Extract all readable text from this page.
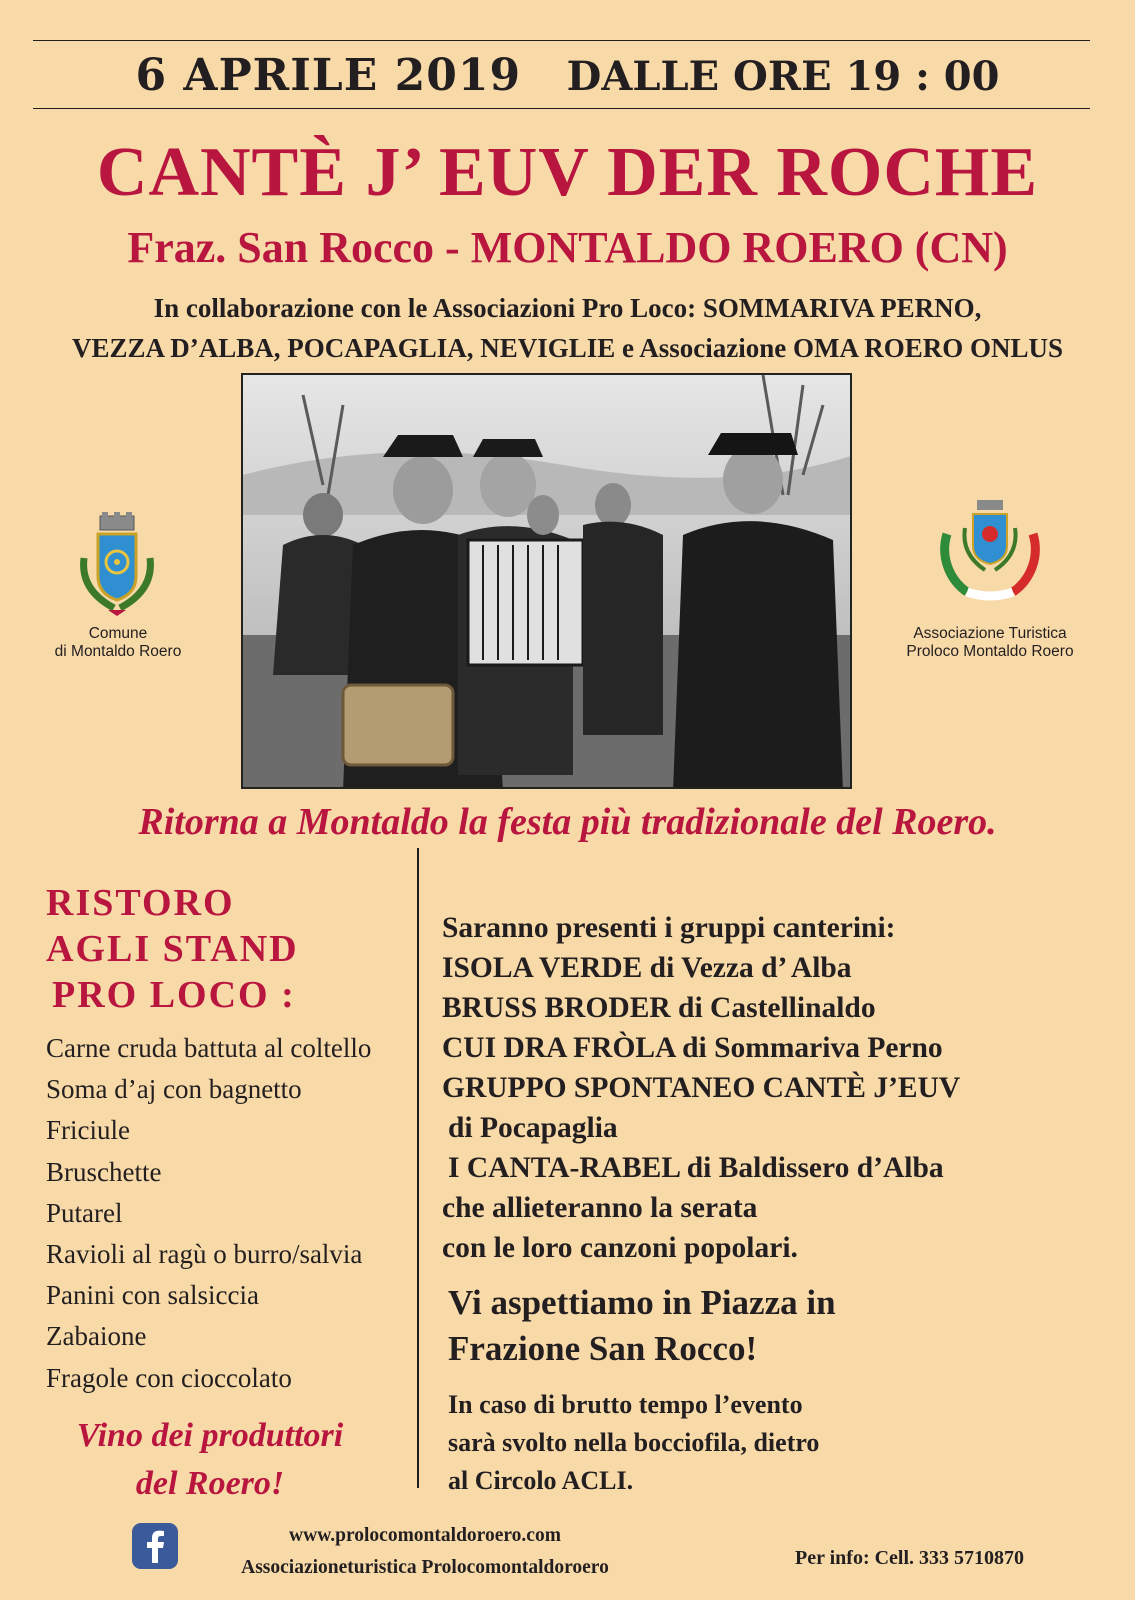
6 APRILE 2019 DALLE ORE 19 : 00
CANTÈ J’ EUV DER ROCHE
Fraz. San Rocco - MONTALDO ROERO (CN)
In collaborazione con le Associazioni Pro Loco: SOMMARIVA PERNO,
VEZZA D’ALBA, POCAPAGLIA, NEVIGLIE e Associazione OMA ROERO ONLUS
Comune
di Montaldo Roero
Associazione Turistica
Proloco Montaldo Roero
Ritorna a Montaldo la festa più tradizionale del Roero.
RISTORO
AGLI STAND
PRO LOCO :
Carne cruda battuta al coltello
Soma d’aj con bagnetto
Friciule
Bruschette
Putarel
Ravioli al ragù o burro/salvia
Panini con salsiccia
Zabaione
Fragole con cioccolato
Vino dei produttori
del Roero!
Saranno presenti i gruppi canterini:
ISOLA VERDE di Vezza d’ Alba
BRUSS BRODER di Castellinaldo
CUI DRA FRÒLA di Sommariva Perno
GRUPPO SPONTANEO CANTÈ J’EUV
di Pocapaglia
I CANTA-RABEL di Baldissero d’Alba
che allieteranno la serata
con le loro canzoni popolari.
Vi aspettiamo in Piazza in
Frazione San Rocco!
In caso di brutto tempo l’evento
sarà svolto nella bocciofila, dietro
al Circolo ACLI.
www.prolocomontaldoroero.com
Associazioneturistica Prolocomontaldoroero	Per info: Cell. 333 5710870
